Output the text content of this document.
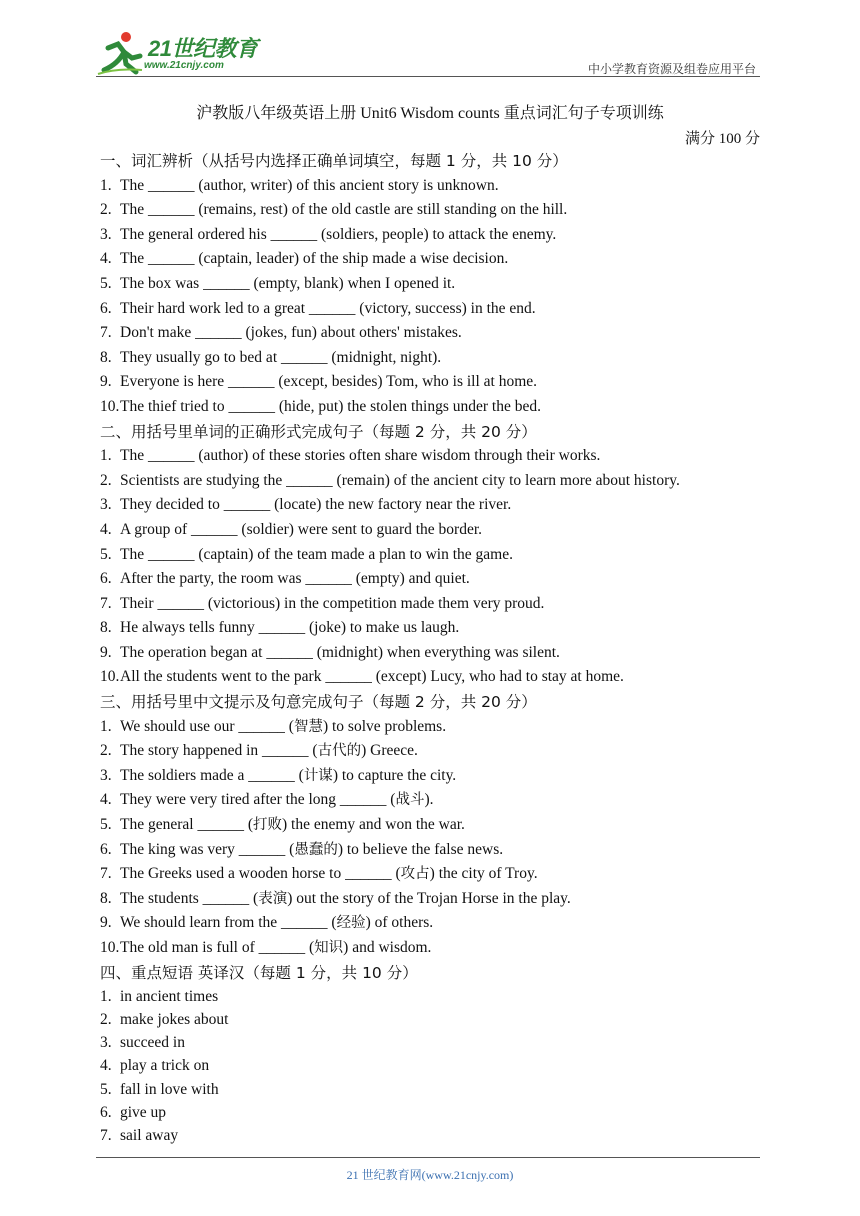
21世纪教育
www.21cnjy.com	中小学教育资源及组卷应用平台
沪教版八年级英语上册 Unit6 Wisdom counts 重点词汇句子专项训练
满分 100 分
一、词汇辨析（从括号内选择正确单词填空，每题 1 分，共 10 分）
1. The ______ (author, writer) of this ancient story is unknown.
2. The ______ (remains, rest) of the old castle are still standing on the hill.
3. The general ordered his ______ (soldiers, people) to attack the enemy.
4. The ______ (captain, leader) of the ship made a wise decision.
5. The box was ______ (empty, blank) when I opened it.
6. Their hard work led to a great ______ (victory, success) in the end.
7. Don't make ______ (jokes, fun) about others' mistakes.
8. They usually go to bed at ______ (midnight, night).
9. Everyone is here ______ (except, besides) Tom, who is ill at home.
10.The thief tried to ______ (hide, put) the stolen things under the bed.
二、用括号里单词的正确形式完成句子（每题 2 分，共 20 分）
1. The ______ (author) of these stories often share wisdom through their works.
2. Scientists are studying the ______ (remain) of the ancient city to learn more about history.
3. They decided to ______ (locate) the new factory near the river.
4. A group of ______ (soldier) were sent to guard the border.
5. The ______ (captain) of the team made a plan to win the game.
6. After the party, the room was ______ (empty) and quiet.
7. Their ______ (victorious) in the competition made them very proud.
8. He always tells funny ______ (joke) to make us laugh.
9. The operation began at ______ (midnight) when everything was silent.
10.All the students went to the park ______ (except) Lucy, who had to stay at home.
三、用括号里中文提示及句意完成句子（每题 2 分，共 20 分）
1. We should use our ______ (智慧) to solve problems.
2. The story happened in ______ (古代的) Greece.
3. The soldiers made a ______ (计谋) to capture the city.
4. They were very tired after the long ______ (战斗).
5. The general ______ (打败) the enemy and won the war.
6. The king was very ______ (愚蠢的) to believe the false news.
7. The Greeks used a wooden horse to ______ (攻占) the city of Troy.
8. The students ______ (表演) out the story of the Trojan Horse in the play.
9. We should learn from the ______ (经验) of others.
10.The old man is full of ______ (知识) and wisdom.
四、重点短语 英译汉（每题 1 分，共 10 分）
1. in ancient times
2. make jokes about
3. succeed in
4. play a trick on
5. fall in love with
6. give up
7. sail away
21 世纪教育网(www.21cnjy.com)
